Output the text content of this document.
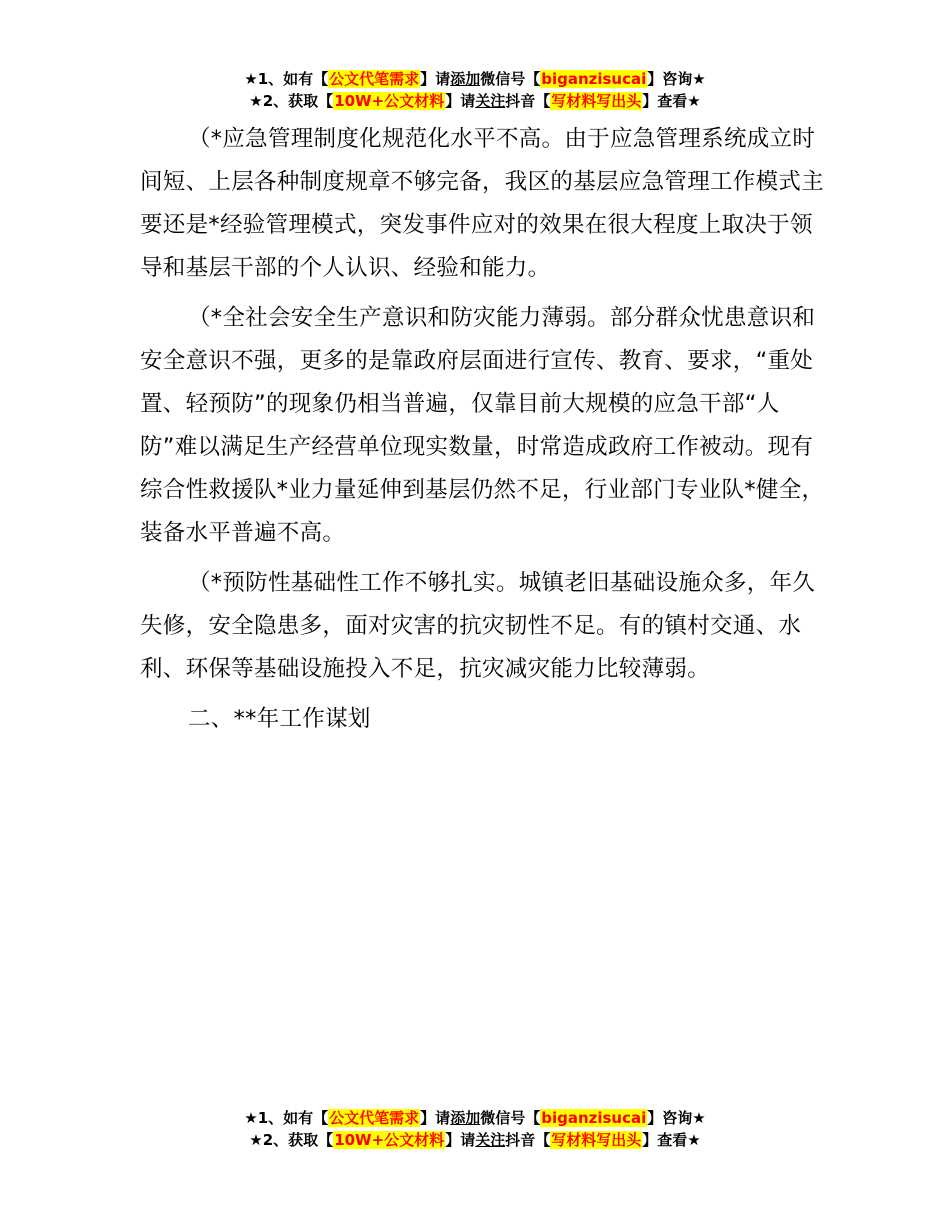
★1、如有【公文代笔需求】请添加微信号【biganzisucai】咨询★
★2、获取【10W+公文材料】请关注抖音【写材料写出头】查看★

（*应急管理制度化规范化水平不高。由于应急管理系统成立时间短、上层各种制度规章不够完备，我区的基层应急管理工作模式主要还是*经验管理模式，突发事件应对的效果在很大程度上取决于领导和基层干部的个人认识、经验和能力。

（*全社会安全生产意识和防灾能力薄弱。部分群众忧患意识和安全意识不强，更多的是靠政府层面进行宣传、教育、要求，“重处置、轻预防”的现象仍相当普遍，仅靠目前大规模的应急干部“人防”难以满足生产经营单位现实数量，时常造成政府工作被动。现有综合性救援队*业力量延伸到基层仍然不足，行业部门专业队*健全，装备水平普遍不高。

（*预防性基础性工作不够扎实。城镇老旧基础设施众多，年久失修，安全隐患多，面对灾害的抗灾韧性不足。有的镇村交通、水利、环保等基础设施投入不足，抗灾减灾能力比较薄弱。

二、**年工作谋划

★1、如有【公文代笔需求】请添加微信号【biganzisucai】咨询★
★2、获取【10W+公文材料】请关注抖音【写材料写出头】查看★
